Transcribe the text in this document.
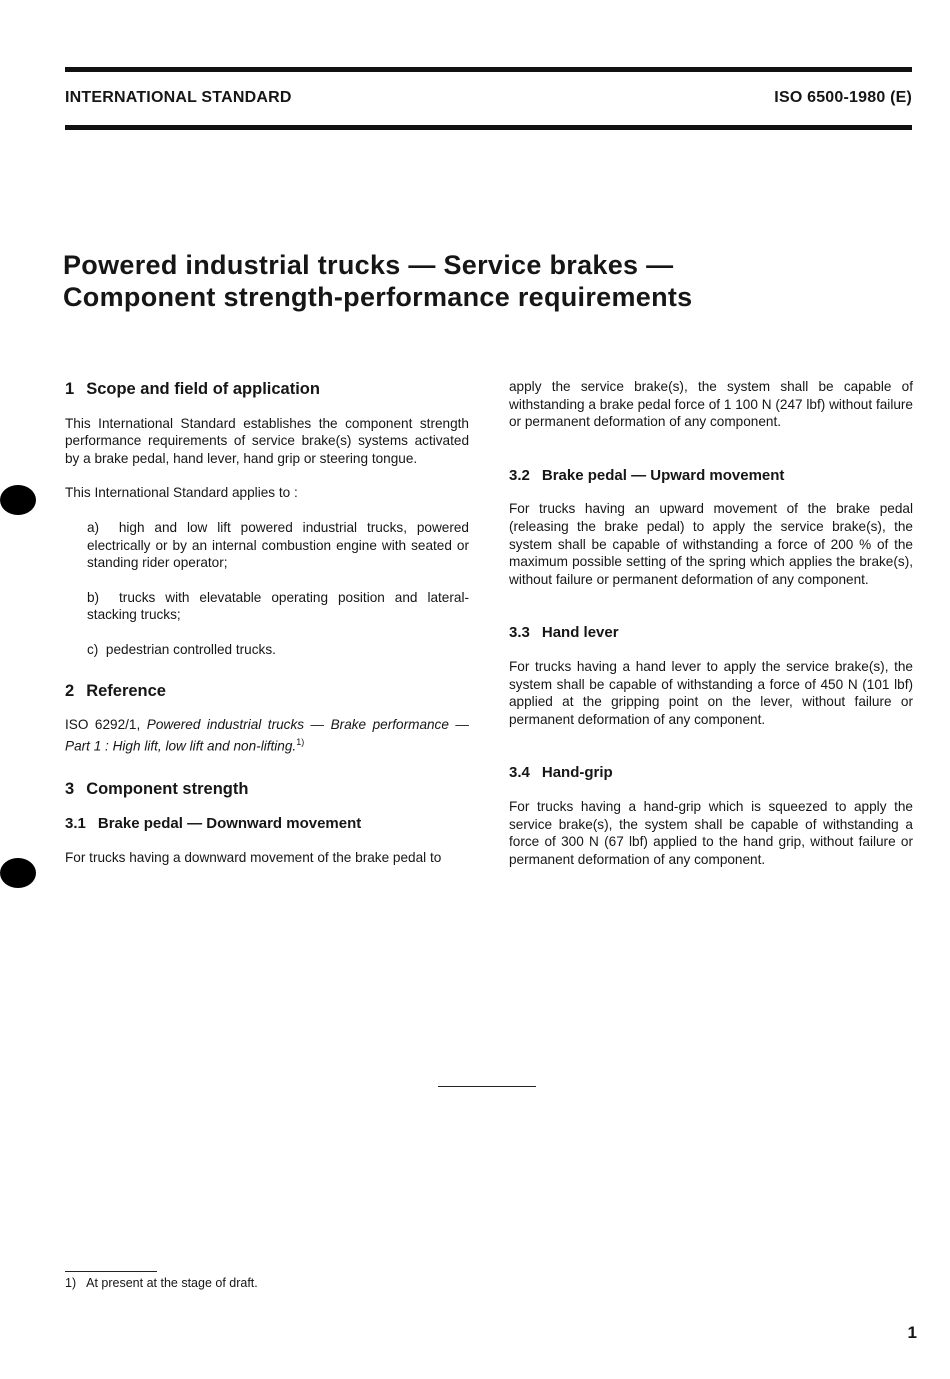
INTERNATIONAL STANDARD	ISO 6500-1980 (E)
Powered industrial trucks — Service brakes —
Component strength-performance requirements
1 Scope and field of application

This International Standard establishes the component strength performance requirements of service brake(s) systems activated by a brake pedal, hand lever, hand grip or steering tongue.

This International Standard applies to :

a) high and low lift powered industrial trucks, powered electrically or by an internal combustion engine with seated or standing rider operator;

b) trucks with elevatable operating position and lateral-stacking trucks;

c) pedestrian controlled trucks.

2 Reference

ISO 6292/1, Powered industrial trucks — Brake performance — Part 1 : High lift, low lift and non-lifting.$^{1)}$

3 Component strength
3.1 Brake pedal — Downward movement

For trucks having a downward movement of the brake pedal to

apply the service brake(s), the system shall be capable of withstanding a brake pedal force of 1 100 N (247 lbf) without failure or permanent deformation of any component.

3.2 Brake pedal — Upward movement

For trucks having an upward movement of the brake pedal (releasing the brake pedal) to apply the service brake(s), the system shall be capable of withstanding a force of 200 % of the maximum possible setting of the spring which applies the brake(s), without failure or permanent deformation of any component.

3.3 Hand lever

For trucks having a hand lever to apply the service brake(s), the system shall be capable of withstanding a force of 450 N (101 lbf) applied at the gripping point on the lever, without failure or permanent deformation of any component.

3.4 Hand-grip

For trucks having a hand-grip which is squeezed to apply the service brake(s), the system shall be capable of withstanding a force of 300 N (67 lbf) applied to the hand grip, without failure or permanent deformation of any component.

1) At present at the stage of draft.
1
